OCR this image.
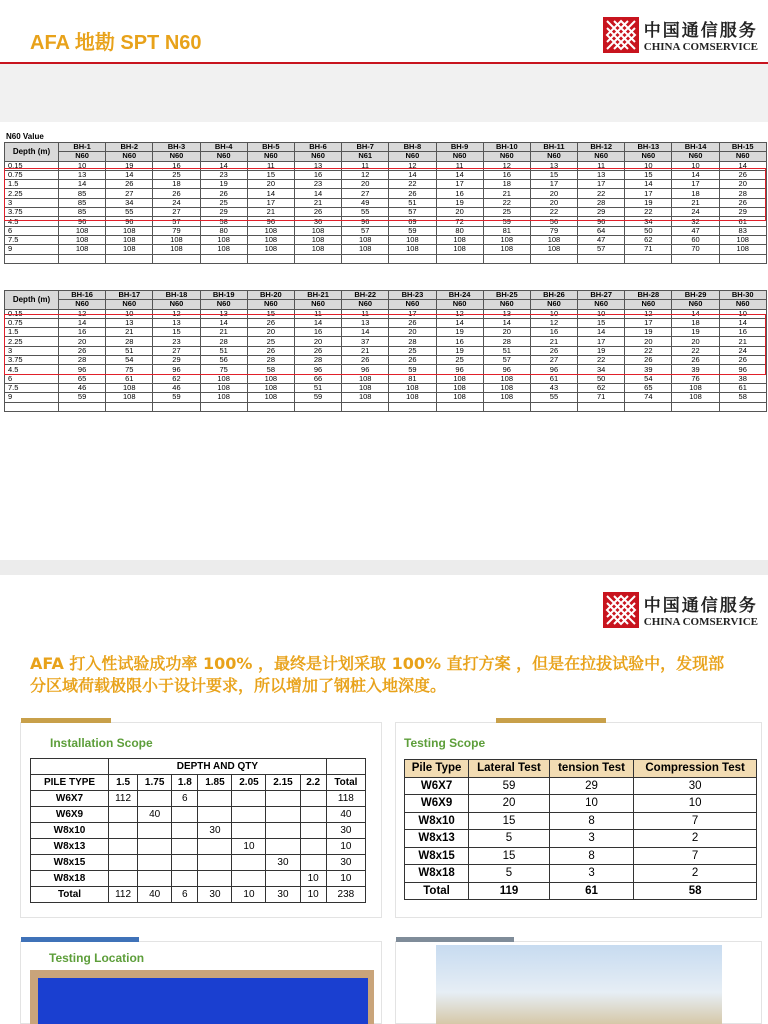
AFA 地勘 SPT N60
中国通信服务
CHINA COMSERVICE
N60 Value
Depth (m)	BH-1	BH-2	BH-3	BH-4	BH-5	BH-6	BH-7	BH-8	BH-9	BH-10	BH-11	BH-12	BH-13	BH-14	BH-15
	N60	N60	N60	N60	N60	N60	N61	N60	N60	N60	N60	N60	N60	N60	N60
0.15	10	19	16	14	11	13	11	12	11	12	13	11	10	10	14
0.75	13	14	25	23	15	16	12	14	14	16	15	13	15	14	26
1.5	14	26	18	19	20	23	20	22	17	18	17	17	14	17	20
2.25	85	27	26	26	14	14	27	26	16	21	20	22	17	18	28
3	85	34	24	25	17	21	49	51	19	22	20	28	19	21	26
3.75	85	55	27	29	21	26	55	57	20	25	22	29	22	24	29
4.5	96	96	57	58	96	36	96	69	72	59	56	96	34	32	61
6	108	108	79	80	108	108	57	59	80	81	79	64	50	47	83
7.5	108	108	108	108	108	108	108	108	108	108	108	47	62	60	108
9	108	108	108	108	108	108	108	108	108	108	108	57	71	70	108

Depth (m)	BH-16	BH-17	BH-18	BH-19	BH-20	BH-21	BH-22	BH-23	BH-24	BH-25	BH-26	BH-27	BH-28	BH-29	BH-30
	N60	N60	N60	N60	N60	N60	N60	N60	N60	N60	N60	N60	N60	N60	N60
0.15	12	10	12	13	15	11	11	17	12	13	10	10	12	14	10
0.75	14	13	13	14	26	14	13	26	14	14	12	15	17	18	14
1.5	16	21	15	21	20	16	14	20	19	20	16	14	19	19	16
2.25	20	28	23	28	25	20	37	28	16	28	21	17	20	20	21
3	26	51	27	51	26	26	21	25	19	51	26	19	22	22	24
3.75	28	54	29	56	28	28	26	26	25	57	27	22	26	26	26
4.5	96	75	96	75	58	96	96	59	96	96	96	34	39	39	96
6	65	61	62	108	108	66	108	81	108	108	61	50	54	76	38
7.5	46	108	46	108	108	51	108	108	108	108	43	62	65	108	61
9	59	108	59	108	108	59	108	108	108	108	55	71	74	108	58

中国通信服务
CHINA COMSERVICE
AFA 打入性试验成功率 100% ，最终是计划采取 100% 直打方案 ，但是在拉拔试验中，发现部分区域荷载极限小于设计要求，所以增加了钢桩入地深度。
Installation Scope
	DEPTH AND QTY							
PILE TYPE	1.5	1.75	1.8	1.85	2.05	2.15	2.2	Total
W6X7	112		6					118
W6X9		40						40
W8x10				30				30
W8x13					10			10
W8x15						30		30
W8x18							10	10
Total	112	40	6	30	10	30	10	238
Testing Scope
Pile Type	Lateral Test	tension Test	Compression Test
W6X7	59	29	30
W6X9	20	10	10
W8x10	15	8	7
W8x13	5	3	2
W8x15	15	8	7
W8x18	5	3	2
Total	119	61	58
Testing Location
